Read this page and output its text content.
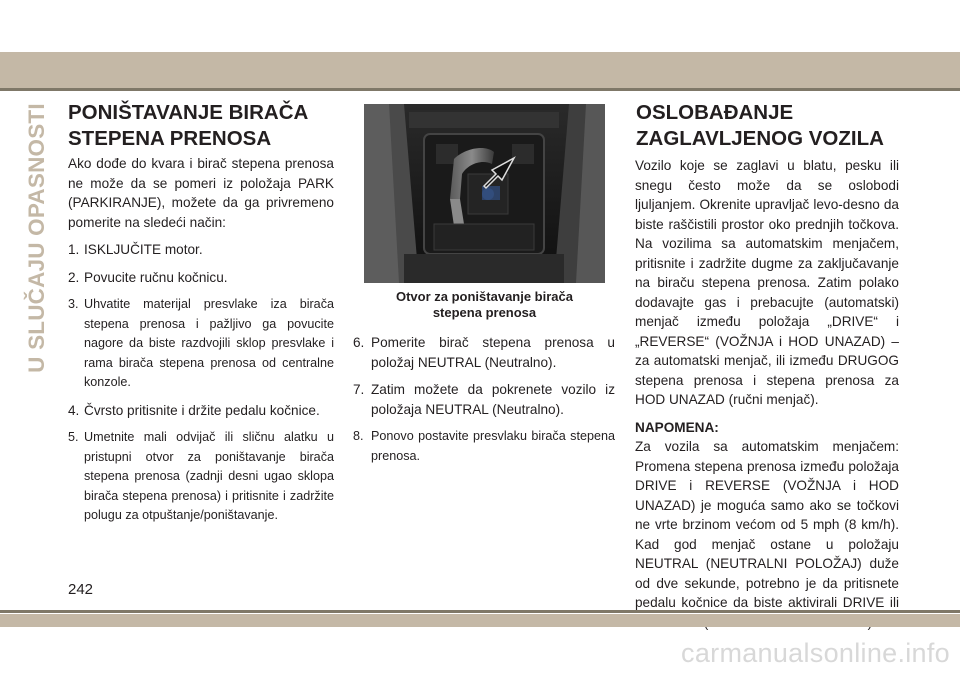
U SLUČAJU OPASNOSTI PONIŠTAVANJE BIRAČA
STEPENA PRENOSA

Ako dođe do kvara i birač stepena prenosa ne može da se pomeri iz položaja PARK (PARKIRANJE), možete da ga privremeno pomerite na sledeći način:

1. ISKLJUČITE motor.
2. Povucite ručnu kočnicu.
3. Uhvatite materijal presvlake iza birača stepena prenosa i pažljivo ga povucite nagore da biste razdvojili sklop presvlake i rama birača stepena prenosa od centralne konzole.
4. Čvrsto pritisnite i držite pedalu kočnice.
5. Umetnite mali odvijač ili sličnu alatku u pristupni otvor za poništavanje birača stepena prenosa (zadnji desni ugao sklopa birača stepena prenosa) i pritisnite i zadržite polugu za otpuštanje/poništavanje.
Otvor za poništavanje birača
stepena prenosa
6. Pomerite birač stepena prenosa u položaj NEUTRAL (Neutralno).
7. Zatim možete da pokrenete vozilo iz položaja NEUTRAL (Neutralno).
8. Ponovo postavite presvlaku birača stepena prenosa.
OSLOBAĐANJE
ZAGLAVLJENOG VOZILA

Vozilo koje se zaglavi u blatu, pesku ili snegu često može da se oslobodi ljuljanjem. Okrenite upravljač levo-desno da biste raščistili prostor oko prednjih točkova. Na vozilima sa automatskim menjačem, pritisnite i zadržite dugme za zaključavanje na biraču stepena prenosa. Zatim polako dodavajte gas i prebacujte (automatski) menjač između položaja „DRIVE“ i „REVERSE“ (VOŽNJA i HOD UNAZAD) – za automatski menjač, ili između DRUGOG stepena prenosa i stepena prenosa za HOD UNAZAD (ručni menjač).

NAPOMENA:

Za vozila sa automatskim menjačem: Promena stepena prenosa između položaja DRIVE i REVERSE (VOŽNJA i HOD UNAZAD) je moguća samo ako se točkovi ne vrte brzinom većom od 5 mph (8 km/h). Kad god menjač ostane u položaju NEUTRAL (NEUTRALNI POLOŽAJ) duže od dve sekunde, potrebno je da pritisnete pedalu kočnice da biste aktivirali DRIVE ili

242
carmanualsonline.info
